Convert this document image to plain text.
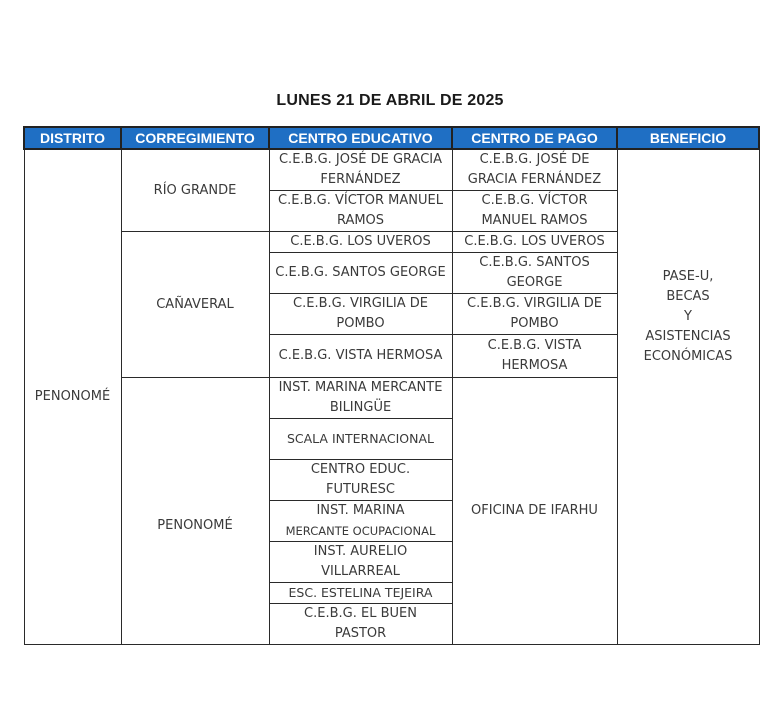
LUNES 21 DE ABRIL DE 2025
DISTRITO	CORREGIMIENTO	CENTRO EDUCATIVO	CENTRO DE PAGO	BENEFICIO
PENONOMÉ	RÍO GRANDE	C.E.B.G. JOSÉ DE GRACIA FERNÁNDEZ	C.E.B.G. JOSÉ DE GRACIA FERNÁNDEZ	PASE-U,
BECAS
Y
ASISTENCIAS
ECONÓMICAS

		C.E.B.G. VÍCTOR MANUEL RAMOS	C.E.B.G. VÍCTOR MANUEL RAMOS	
	CAÑAVERAL	C.E.B.G. LOS UVEROS	C.E.B.G. LOS UVEROS	
		C.E.B.G. SANTOS GEORGE	C.E.B.G. SANTOS GEORGE	
		C.E.B.G. VIRGILIA DE POMBO	C.E.B.G. VIRGILIA DE POMBO	
		C.E.B.G. VISTA HERMOSA	C.E.B.G. VISTA HERMOSA	
	PENONOMÉ	INST. MARINA MERCANTE BILINGÜE	OFICINA DE IFARHU	
		SCALA INTERNACIONAL		
		CENTRO EDUC. FUTURESC		

		INST. MARINA
MERCANTE OCUPACIONAL		

		INST. AURELIO VILLARREAL		
		ESC. ESTELINA TEJEIRA		
		C.E.B.G. EL BUEN PASTOR		
